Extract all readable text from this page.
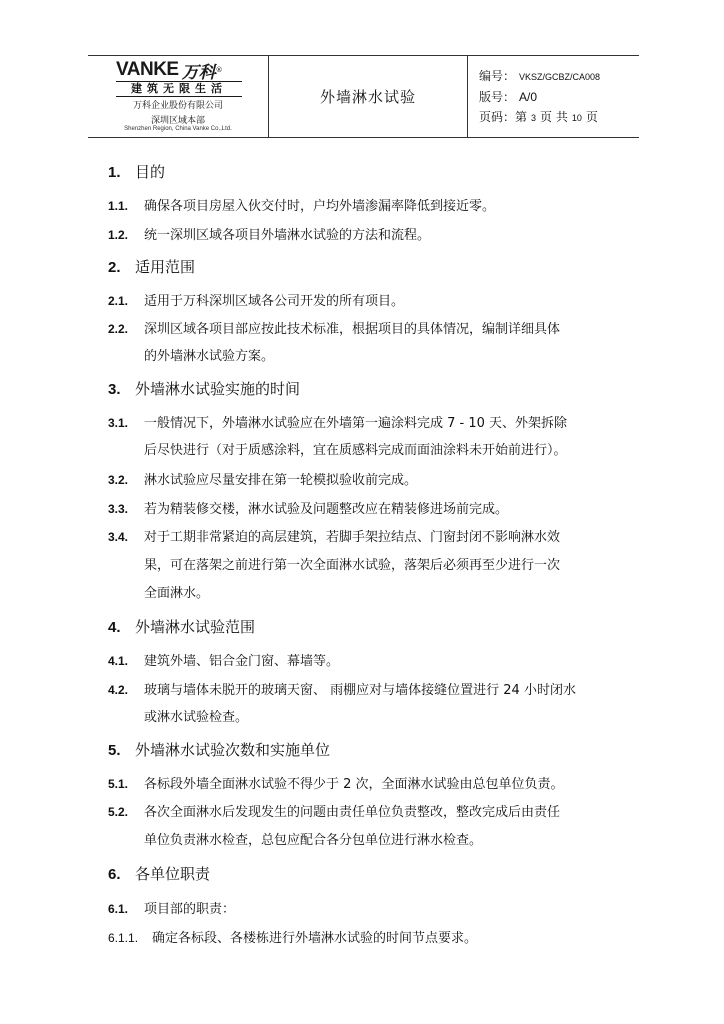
VANKE 万科 ®
建筑无限生活
万科企业股份有限公司
深圳区域本部
Shenzhen Region, China Vanke Co.,Ltd.
外墙淋水试验
编号： VKSZ/GCBZ/CA008
版号： A/0
页码：第 3 页 共 10 页
1. 目的
1.1. 确保各项目房屋入伙交付时，户均外墙渗漏率降低到接近零。
1.2. 统一深圳区域各项目外墙淋水试验的方法和流程。
2. 适用范围
2.1. 适用于万科深圳区域各公司开发的所有项目。
2.2. 深圳区域各项目部应按此技术标准，根据项目的具体情况，编制详细具体
的外墙淋水试验方案。
3. 外墙淋水试验实施的时间
3.1. 一般情况下，外墙淋水试验应在外墙第一遍涂料完成 7 - 10 天、外架拆除
后尽快进行（对于质感涂料，宜在质感料完成而面油涂料未开始前进行）。
3.2. 淋水试验应尽量安排在第一轮模拟验收前完成。
3.3. 若为精装修交楼，淋水试验及问题整改应在精装修进场前完成。
3.4. 对于工期非常紧迫的高层建筑，若脚手架拉结点、门窗封闭不影响淋水效
果，可在落架之前进行第一次全面淋水试验，落架后必须再至少进行一次
全面淋水。
4. 外墙淋水试验范围
4.1. 建筑外墙、铝合金门窗、幕墙等。
4.2. 玻璃与墙体未脱开的玻璃天窗、 雨棚应对与墙体接缝位置进行 24 小时闭水
或淋水试验检查。
5. 外墙淋水试验次数和实施单位
5.1. 各标段外墙全面淋水试验不得少于 2 次，全面淋水试验由总包单位负责。
5.2. 各次全面淋水后发现发生的问题由责任单位负责整改，整改完成后由责任
单位负责淋水检查，总包应配合各分包单位进行淋水检查。
6. 各单位职责
6.1. 项目部的职责：
6.1.1. 确定各标段、各楼栋进行外墙淋水试验的时间节点要求。
